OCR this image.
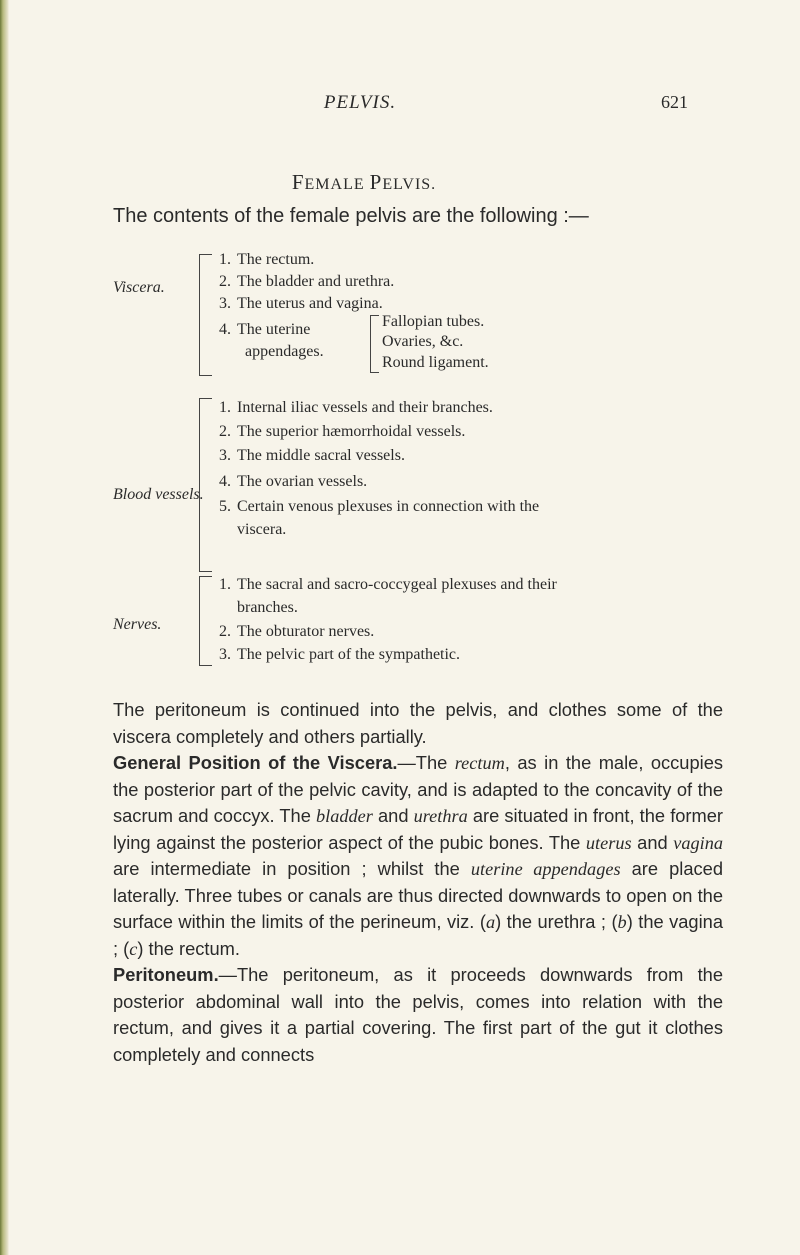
PELVIS.	621
FEMALE PELVIS.
The contents of the female pelvis are the following :—
Viscera.
1. The rectum.
2. The bladder and urethra.
3. The uterus and vagina.
4. The uterine
appendages.
Fallopian tubes.
Ovaries, &c.
Round ligament.
Blood vessels.
1. Internal iliac vessels and their branches.
2. The superior hæmorrhoidal vessels.
3. The middle sacral vessels.
4. The ovarian vessels.
5. Certain venous plexuses in connection with the
viscera.
Nerves.
1. The sacral and sacro-coccygeal plexuses and their
branches.
2. The obturator nerves.
3. The pelvic part of the sympathetic.

The peritoneum is continued into the pelvis, and clothes some of the viscera completely and others partially.

General Position of the Viscera.—The rectum, as in the male, occupies the posterior part of the pelvic cavity, and is adapted to the concavity of the sacrum and coccyx. The bladder and urethra are situated in front, the former lying against the posterior aspect of the pubic bones. The uterus and vagina are intermediate in position ; whilst the uterine appendages are placed laterally. Three tubes or canals are thus directed downwards to open on the surface within the limits of the perineum, viz. (a) the urethra ; (b) the vagina ; (c) the rectum.

Peritoneum.—The peritoneum, as it proceeds downwards from the posterior abdominal wall into the pelvis, comes into relation with the rectum, and gives it a partial covering. The first part of the gut it clothes completely and connects
